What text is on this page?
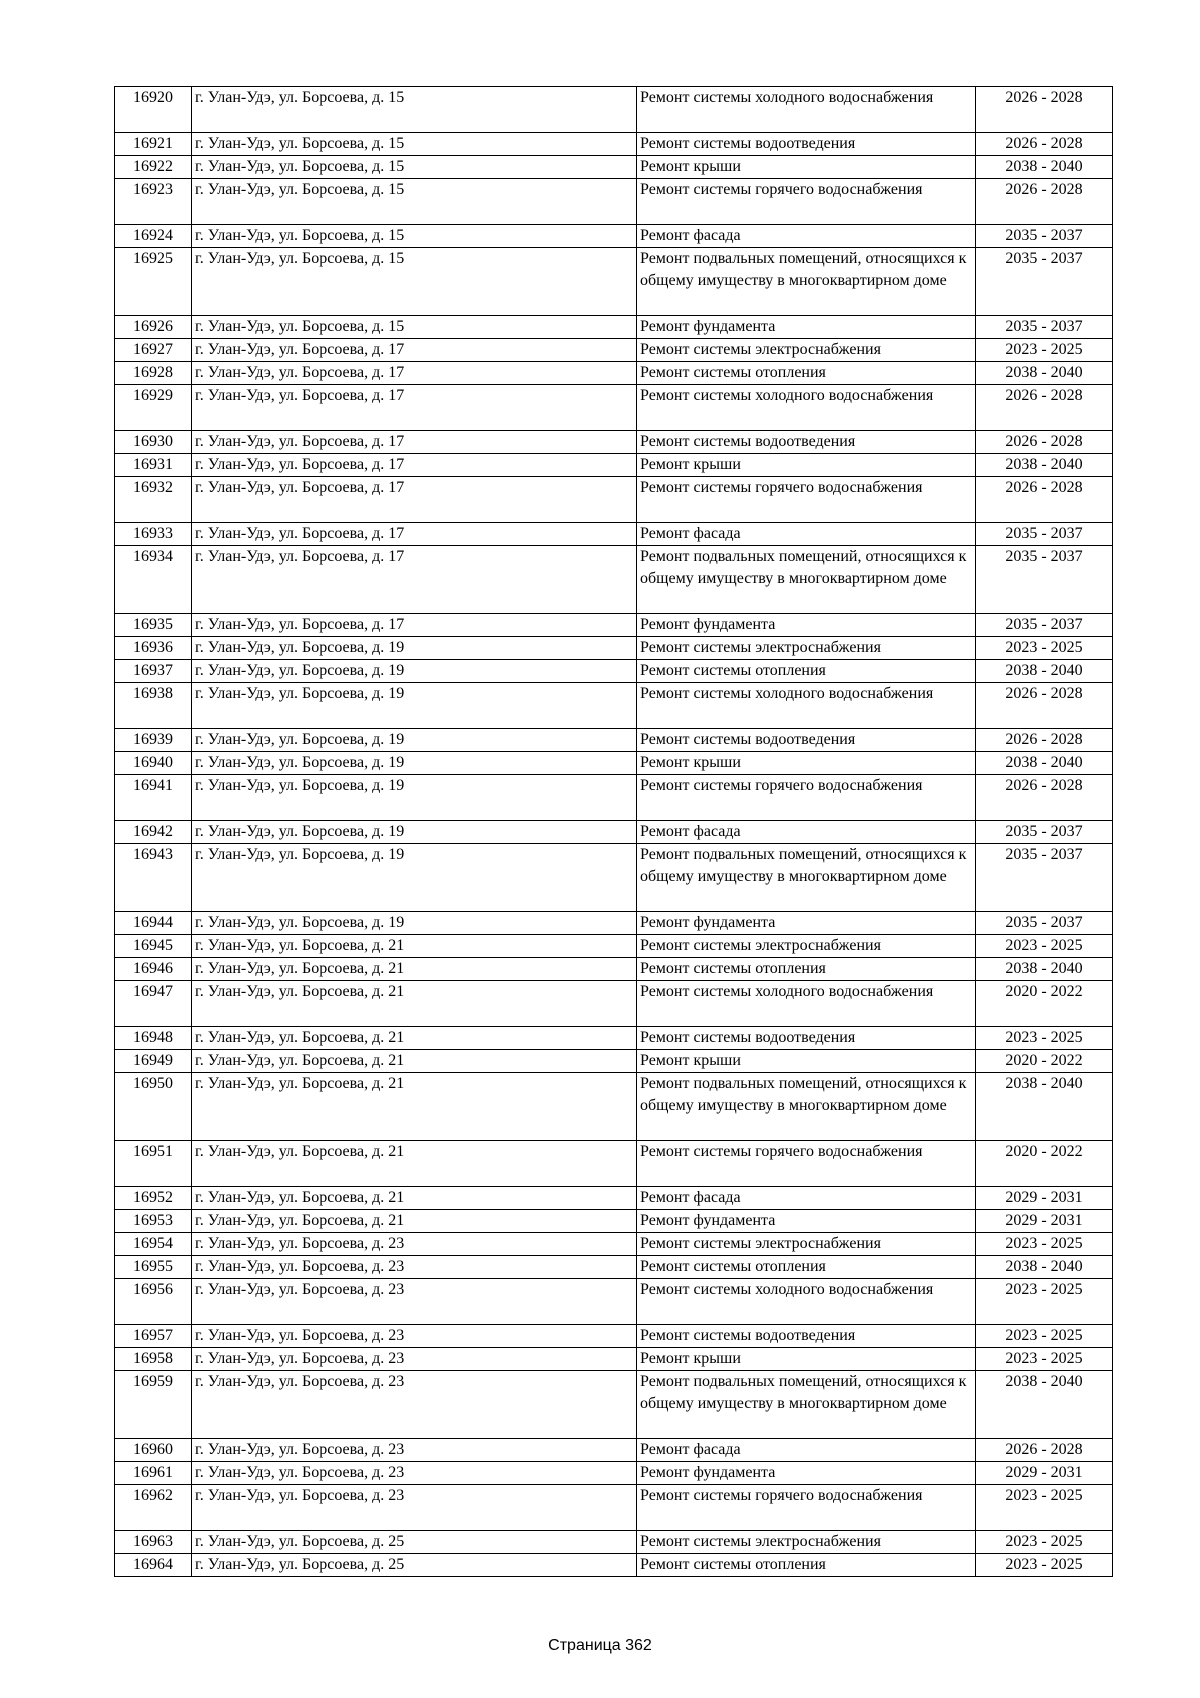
16920	г. Улан-Удэ, ул. Борсоева, д. 15	Ремонт системы холодного водоснабжения	2026 - 2028
16921	г. Улан-Удэ, ул. Борсоева, д. 15	Ремонт системы водоотведения	2026 - 2028
16922	г. Улан-Удэ, ул. Борсоева, д. 15	Ремонт крыши	2038 - 2040
16923	г. Улан-Удэ, ул. Борсоева, д. 15	Ремонт системы горячего водоснабжения	2026 - 2028
16924	г. Улан-Удэ, ул. Борсоева, д. 15	Ремонт фасада	2035 - 2037
16925	г. Улан-Удэ, ул. Борсоева, д. 15	Ремонт подвальных помещений, относящихся к общему имуществу в многоквартирном доме	2035 - 2037
16926	г. Улан-Удэ, ул. Борсоева, д. 15	Ремонт фундамента	2035 - 2037
16927	г. Улан-Удэ, ул. Борсоева, д. 17	Ремонт системы электроснабжения	2023 - 2025
16928	г. Улан-Удэ, ул. Борсоева, д. 17	Ремонт системы отопления	2038 - 2040
16929	г. Улан-Удэ, ул. Борсоева, д. 17	Ремонт системы холодного водоснабжения	2026 - 2028
16930	г. Улан-Удэ, ул. Борсоева, д. 17	Ремонт системы водоотведения	2026 - 2028
16931	г. Улан-Удэ, ул. Борсоева, д. 17	Ремонт крыши	2038 - 2040
16932	г. Улан-Удэ, ул. Борсоева, д. 17	Ремонт системы горячего водоснабжения	2026 - 2028
16933	г. Улан-Удэ, ул. Борсоева, д. 17	Ремонт фасада	2035 - 2037
16934	г. Улан-Удэ, ул. Борсоева, д. 17	Ремонт подвальных помещений, относящихся к общему имуществу в многоквартирном доме	2035 - 2037
16935	г. Улан-Удэ, ул. Борсоева, д. 17	Ремонт фундамента	2035 - 2037
16936	г. Улан-Удэ, ул. Борсоева, д. 19	Ремонт системы электроснабжения	2023 - 2025
16937	г. Улан-Удэ, ул. Борсоева, д. 19	Ремонт системы отопления	2038 - 2040
16938	г. Улан-Удэ, ул. Борсоева, д. 19	Ремонт системы холодного водоснабжения	2026 - 2028
16939	г. Улан-Удэ, ул. Борсоева, д. 19	Ремонт системы водоотведения	2026 - 2028
16940	г. Улан-Удэ, ул. Борсоева, д. 19	Ремонт крыши	2038 - 2040
16941	г. Улан-Удэ, ул. Борсоева, д. 19	Ремонт системы горячего водоснабжения	2026 - 2028
16942	г. Улан-Удэ, ул. Борсоева, д. 19	Ремонт фасада	2035 - 2037
16943	г. Улан-Удэ, ул. Борсоева, д. 19	Ремонт подвальных помещений, относящихся к общему имуществу в многоквартирном доме	2035 - 2037
16944	г. Улан-Удэ, ул. Борсоева, д. 19	Ремонт фундамента	2035 - 2037
16945	г. Улан-Удэ, ул. Борсоева, д. 21	Ремонт системы электроснабжения	2023 - 2025
16946	г. Улан-Удэ, ул. Борсоева, д. 21	Ремонт системы отопления	2038 - 2040
16947	г. Улан-Удэ, ул. Борсоева, д. 21	Ремонт системы холодного водоснабжения	2020 - 2022
16948	г. Улан-Удэ, ул. Борсоева, д. 21	Ремонт системы водоотведения	2023 - 2025
16949	г. Улан-Удэ, ул. Борсоева, д. 21	Ремонт крыши	2020 - 2022
16950	г. Улан-Удэ, ул. Борсоева, д. 21	Ремонт подвальных помещений, относящихся к общему имуществу в многоквартирном доме	2038 - 2040
16951	г. Улан-Удэ, ул. Борсоева, д. 21	Ремонт системы горячего водоснабжения	2020 - 2022
16952	г. Улан-Удэ, ул. Борсоева, д. 21	Ремонт фасада	2029 - 2031
16953	г. Улан-Удэ, ул. Борсоева, д. 21	Ремонт фундамента	2029 - 2031
16954	г. Улан-Удэ, ул. Борсоева, д. 23	Ремонт системы электроснабжения	2023 - 2025
16955	г. Улан-Удэ, ул. Борсоева, д. 23	Ремонт системы отопления	2038 - 2040
16956	г. Улан-Удэ, ул. Борсоева, д. 23	Ремонт системы холодного водоснабжения	2023 - 2025
16957	г. Улан-Удэ, ул. Борсоева, д. 23	Ремонт системы водоотведения	2023 - 2025
16958	г. Улан-Удэ, ул. Борсоева, д. 23	Ремонт крыши	2023 - 2025
16959	г. Улан-Удэ, ул. Борсоева, д. 23	Ремонт подвальных помещений, относящихся к общему имуществу в многоквартирном доме	2038 - 2040
16960	г. Улан-Удэ, ул. Борсоева, д. 23	Ремонт фасада	2026 - 2028
16961	г. Улан-Удэ, ул. Борсоева, д. 23	Ремонт фундамента	2029 - 2031
16962	г. Улан-Удэ, ул. Борсоева, д. 23	Ремонт системы горячего водоснабжения	2023 - 2025
16963	г. Улан-Удэ, ул. Борсоева, д. 25	Ремонт системы электроснабжения	2023 - 2025
16964	г. Улан-Удэ, ул. Борсоева, д. 25	Ремонт системы отопления	2023 - 2025
Страница 362
